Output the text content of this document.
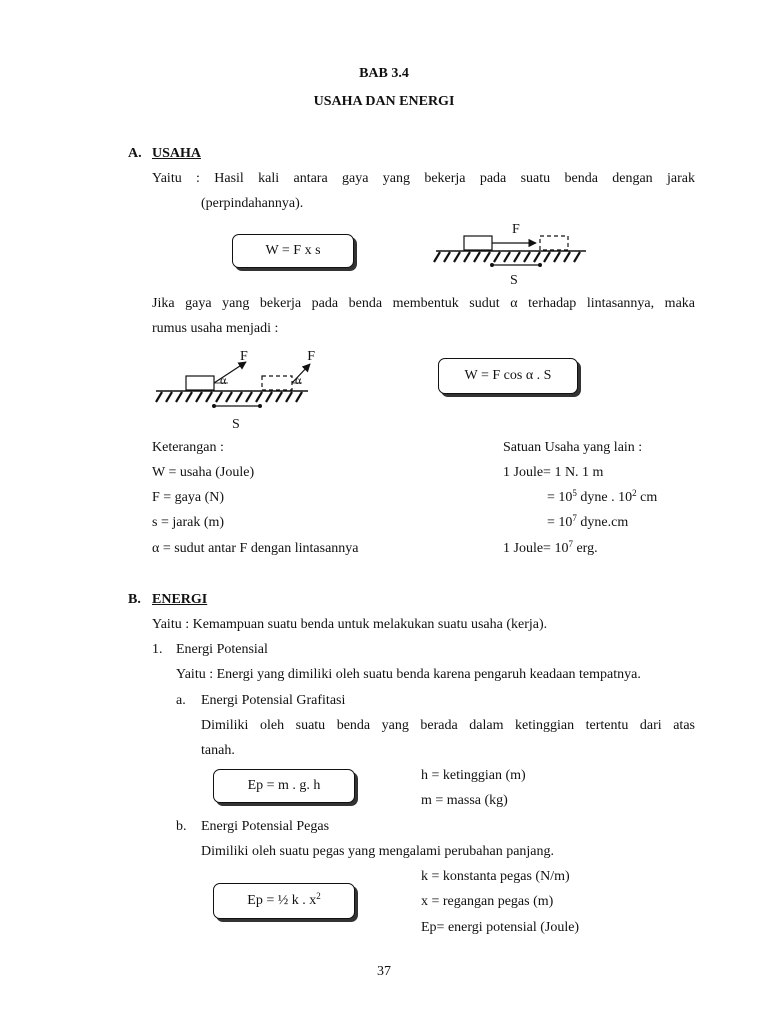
BAB 3.4
USAHA DAN ENERGI
A. USAHA
Yaitu : Hasil kali antara gaya yang bekerja pada suatu benda dengan jarak
(perpindahannya).
W = F x s
F
S
Jika gaya yang bekerja pada benda membentuk sudut α terhadap lintasannya, maka
rumus usaha menjadi :
F	F
α	α
S
W = F cos α . S
Keterangan :
W = usaha (Joule)
F = gaya (N)
s = jarak (m)
α = sudut antar F dengan lintasannya
Satuan Usaha yang lain :
1 Joule= 1 N. 1 m
= $10^5$ dyne . $10^2$ cm
= $10^7$ dyne.cm
1 Joule= $10^7$ erg.
B. ENERGI
Yaitu : Kemampuan suatu benda untuk melakukan suatu usaha (kerja).
1. Energi Potensial
Yaitu : Energi yang dimiliki oleh suatu benda karena pengaruh keadaan tempatnya.
a. Energi Potensial Grafitasi
Dimiliki oleh suatu benda yang berada dalam ketinggian tertentu dari atas
tanah.
Ep = m . g. h
h = ketinggian (m)
m = massa (kg)
b. Energi Potensial Pegas
Dimiliki oleh suatu pegas yang mengalami perubahan panjang.
Ep = ½ k . $x^2$
k = konstanta pegas (N/m)
x = regangan pegas (m)
Ep= energi potensial (Joule)
37
